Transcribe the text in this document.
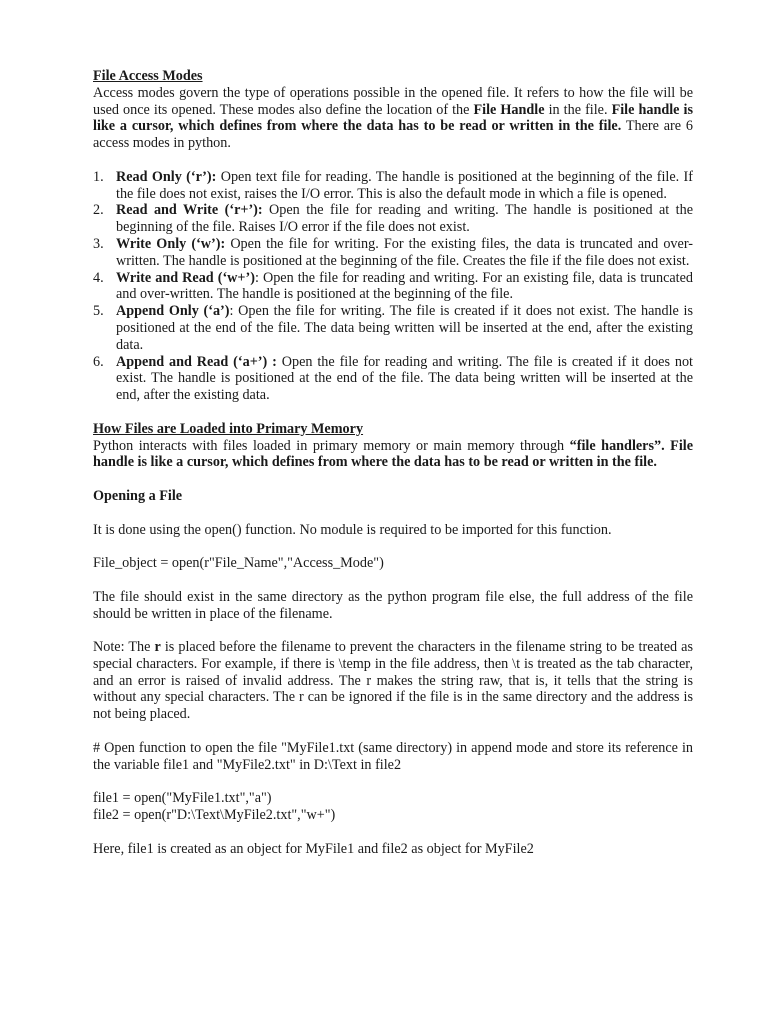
File Access Modes

Access modes govern the type of operations possible in the opened file. It refers to how the file will be used once its opened. These modes also define the location of the File Handle in the file. File handle is like a cursor, which defines from where the data has to be read or written in the file. There are 6 access modes in python.

1. Read Only (‘r’): Open text file for reading. The handle is positioned at the beginning of the file. If the file does not exist, raises the I/O error. This is also the default mode in which a file is opened.
2. Read and Write (‘r+’): Open the file for reading and writing. The handle is positioned at the beginning of the file. Raises I/O error if the file does not exist.
3. Write Only (‘w’): Open the file for writing. For the existing files, the data is truncated and over-written. The handle is positioned at the beginning of the file. Creates the file if the file does not exist.
4. Write and Read (‘w+’): Open the file for reading and writing. For an existing file, data is truncated and over-written. The handle is positioned at the beginning of the file.
5. Append Only (‘a’): Open the file for writing. The file is created if it does not exist. The handle is positioned at the end of the file. The data being written will be inserted at the end, after the existing data.
6. Append and Read (‘a+’) : Open the file for reading and writing. The file is created if it does not exist. The handle is positioned at the end of the file. The data being written will be inserted at the end, after the existing data.

How Files are Loaded into Primary Memory

Python interacts with files loaded in primary memory or main memory through “file handlers”. File handle is like a cursor, which defines from where the data has to be read or written in the file.

Opening a File

It is done using the open() function. No module is required to be imported for this function.

File_object = open(r"File_Name","Access_Mode")

The file should exist in the same directory as the python program file else, the full address of the file should be written in place of the filename.

Note: The r is placed before the filename to prevent the characters in the filename string to be treated as special characters. For example, if there is \temp in the file address, then \t is treated as the tab character, and an error is raised of invalid address. The r makes the string raw, that is, it tells that the string is without any special characters. The r can be ignored if the file is in the same directory and the address is not being placed.

# Open function to open the file "MyFile1.txt (same directory) in append mode and store its reference in the variable file1 and "MyFile2.txt" in D:\Text in file2

file1 = open("MyFile1.txt","a")

file2 = open(r"D:\Text\MyFile2.txt","w+")

Here, file1 is created as an object for MyFile1 and file2 as object for MyFile2
